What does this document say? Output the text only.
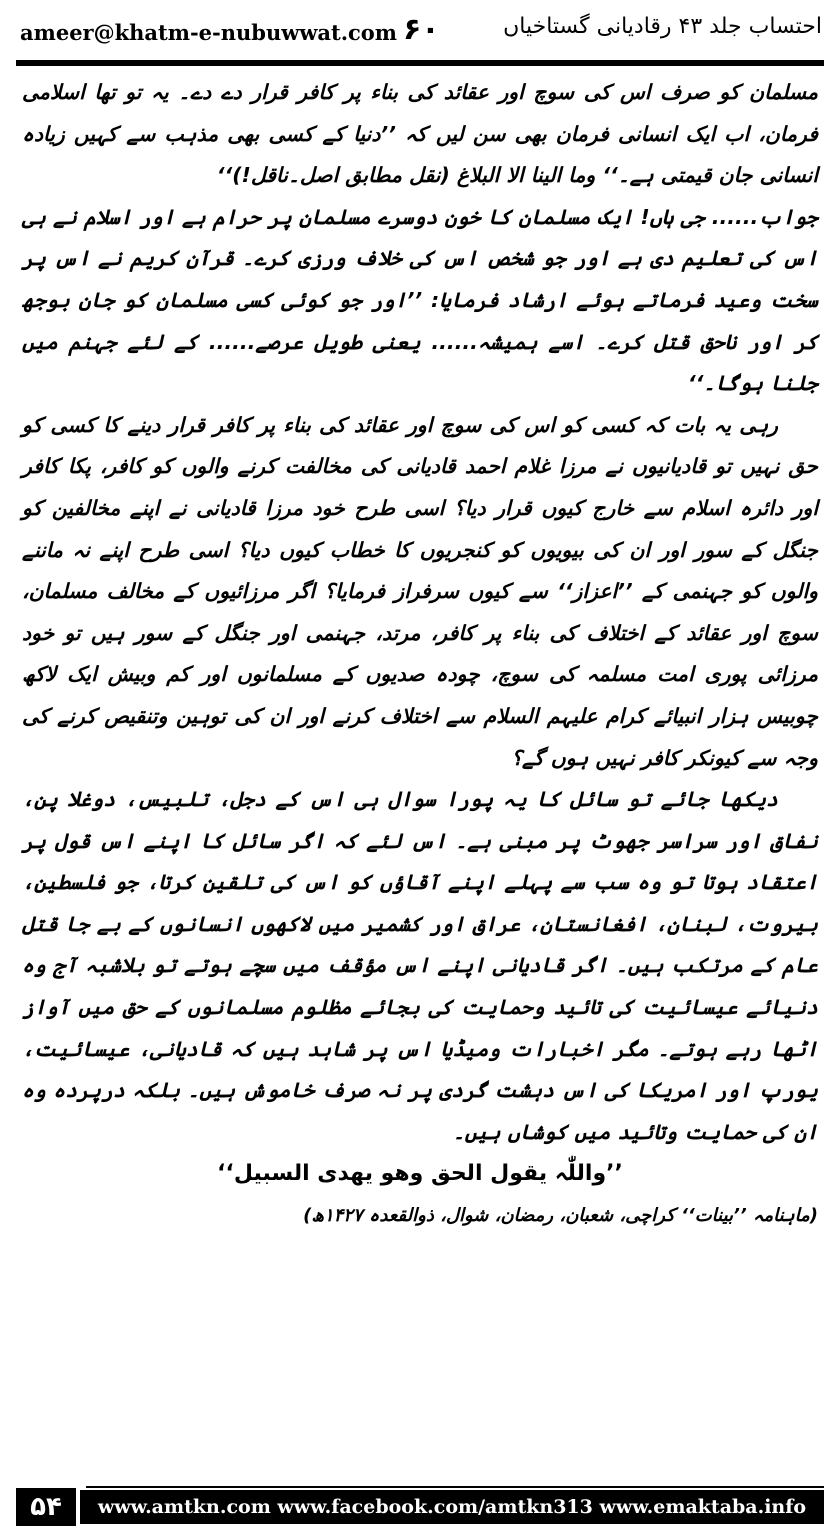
ameer@khatm-e-nubuwwat.com ۶۰	احتساب جلد ۴۳ رقادیانی گستاخیاں

مسلمان کو صرف اس کی سوچ اور عقائد کی بناء پر کافر قرار دے دے۔ یہ تو تھا اسلامی فرمان، اب ایک انسانی فرمان بھی سن لیں کہ ’’دنیا کے کسی بھی مذہب سے کہیں زیادہ انسانی جان قیمتی ہے۔‘‘ وما الینا الا البلاغ (نقل مطابق اصل۔ناقل!)‘‘

جواب...... جی ہاں! ایک مسلمان کا خون دوسرے مسلمان پر حرام ہے اور اسلام نے ہی اس کی تعلیم دی ہے اور جو شخص اس کی خلاف ورزی کرے۔ قرآن کریم نے اس پر سخت وعید فرماتے ہوئے ارشاد فرمایا: ’’اور جو کوئی کسی مسلمان کو جان بوجھ کر اور ناحق قتل کرے۔ اسے ہمیشہ...... یعنی طویل عرصے...... کے لئے جہنم میں جلنا ہوگا۔‘‘

رہی یہ بات کہ کسی کو اس کی سوچ اور عقائد کی بناء پر کافر قرار دینے کا کسی کو حق نہیں تو قادیانیوں نے مرزا غلام احمد قادیانی کی مخالفت کرنے والوں کو کافر، پکا کافر اور دائرہ اسلام سے خارج کیوں قرار دیا؟ اسی طرح خود مرزا قادیانی نے اپنے مخالفین کو جنگل کے سور اور ان کی بیویوں کو کنجریوں کا خطاب کیوں دیا؟ اسی طرح اپنے نہ ماننے والوں کو جہنمی کے ’’اعزاز‘‘ سے کیوں سرفراز فرمایا؟ اگر مرزائیوں کے مخالف مسلمان، سوچ اور عقائد کے اختلاف کی بناء پر کافر، مرتد، جہنمی اور جنگل کے سور ہیں تو خود مرزائی پوری امت مسلمہ کی سوچ، چودہ صدیوں کے مسلمانوں اور کم وبیش ایک لاکھ چوبیس ہزار انبیائے کرام علیہم السلام سے اختلاف کرنے اور ان کی توہین وتنقیص کرنے کی وجہ سے کیونکر کافر نہیں ہوں گے؟

دیکھا جائے تو سائل کا یہ پورا سوال ہی اس کے دجل، تلبیس، دوغلا پن، نفاق اور سراسر جھوٹ پر مبنی ہے۔ اس لئے کہ اگر سائل کا اپنے اس قول پر اعتقاد ہوتا تو وہ سب سے پہلے اپنے آقاؤں کو اس کی تلقین کرتا، جو فلسطین، بیروت، لبنان، افغانستان، عراق اور کشمیر میں لاکھوں انسانوں کے بے جا قتل عام کے مرتکب ہیں۔ اگر قادیانی اپنے اس مؤقف میں سچے ہوتے تو بلاشبہ آج وہ دنیائے عیسائیت کی تائید وحمایت کی بجائے مظلوم مسلمانوں کے حق میں آواز اٹھا رہے ہوتے۔ مگر اخبارات ومیڈیا اس پر شاہد ہیں کہ قادیانی، عیسائیت، یورپ اور امریکا کی اس دہشت گردی پر نہ صرف خاموش ہیں۔ بلکہ درپردہ وہ ان کی حمایت وتائید میں کوشاں ہیں۔

’’واللّٰہ یقول الحق وھو یھدی السبیل‘‘

(ماہنامہ ’’بینات‘‘ کراچی، شعبان، رمضان، شوال، ذوالقعدہ ۱۴۲۷ھ)

۵۴	www.amtkn.com www.facebook.com/amtkn313 www.emaktaba.info
